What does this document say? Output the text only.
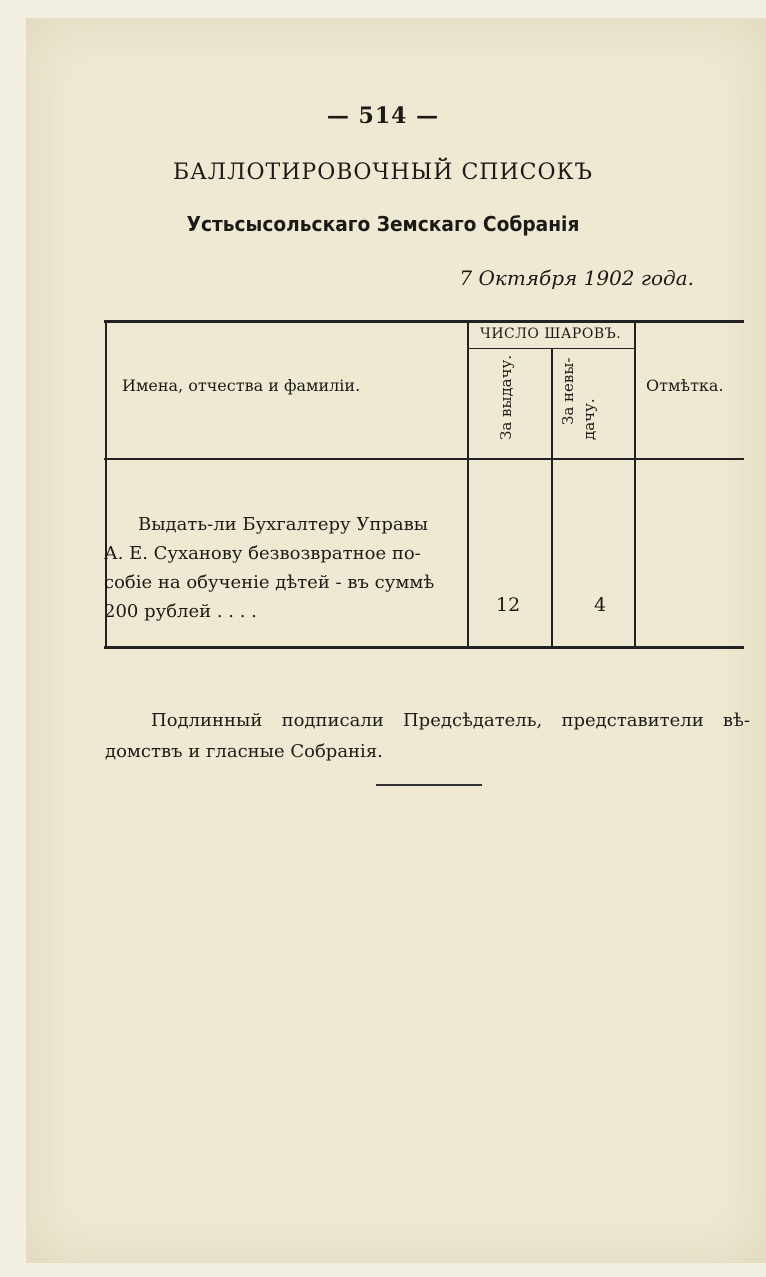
— 514 —
БАЛЛОТИРОВОЧНЫЙ СПИСОКЪ
Устьсысольскаго Земскаго Собранія
7 Октября 1902 года.
Имена, отчества и фамиліи.
ЧИСЛО ШАРОВЪ.
За выдачу.	За невы- дачу.
Отмѣтка.
Выдать-ли Бухгалтеру Управы
А. Е. Суханову безвозвратное по-
собіе на обученіе дѣтей - въ суммѣ
200 рублей . . . .	12	4
Подлинный подписали Предсѣдатель, представители вѣ-
домствъ и гласные Собранія.
